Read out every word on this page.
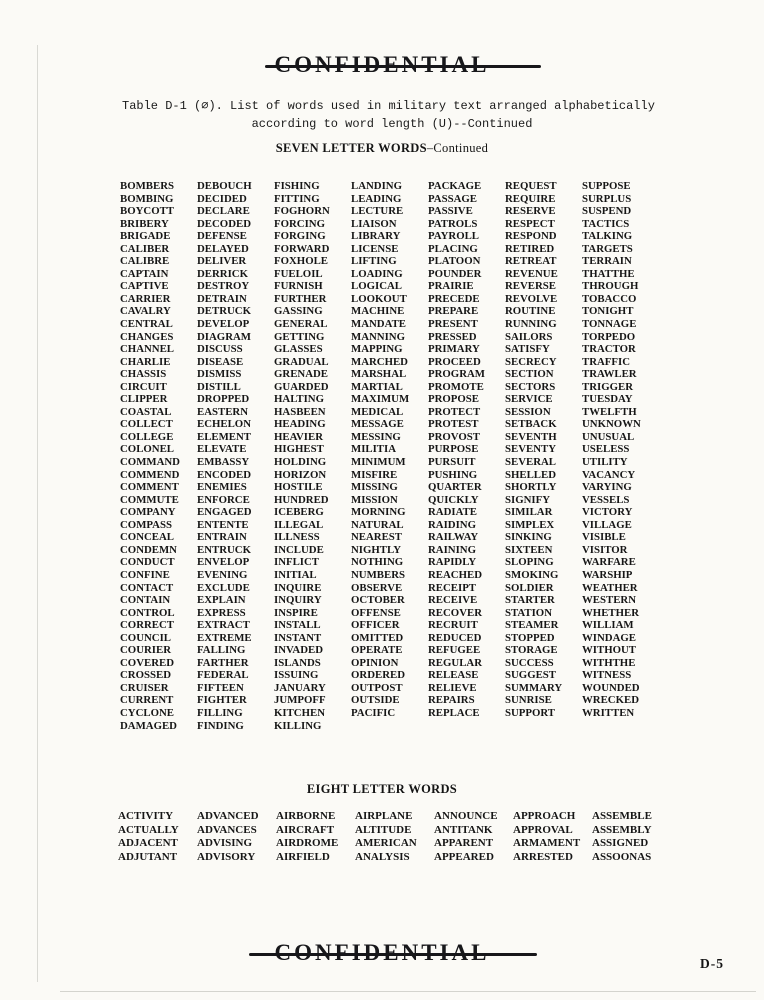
Table D-1 (∅). List of words used in military text arranged alphabetically
according to word length (U)--Continued
SEVEN LETTER WORDS–Continued
BOMBERS
BOMBING
BOYCOTT
BRIBERY
BRIGADE
CALIBER
CALIBRE
CAPTAIN
CAPTIVE
CARRIER
CAVALRY
CENTRAL
CHANGES
CHANNEL
CHARLIE
CHASSIS
CIRCUIT
CLIPPER
COASTAL
COLLECT
COLLEGE
COLONEL
COMMAND
COMMEND
COMMENT
COMMUTE
COMPANY
COMPASS
CONCEAL
CONDEMN
CONDUCT
CONFINE
CONTACT
CONTAIN
CONTROL
CORRECT
COUNCIL
COURIER
COVERED
CROSSED
CRUISER
CURRENT
CYCLONE
DAMAGED
DEBOUCH
DECIDED
DECLARE
DECODED
DEFENSE
DELAYED
DELIVER
DERRICK
DESTROY
DETRAIN
DETRUCK
DEVELOP
DIAGRAM
DISCUSS
DISEASE
DISMISS
DISTILL
DROPPED
EASTERN
ECHELON
ELEMENT
ELEVATE
EMBASSY
ENCODED
ENEMIES
ENFORCE
ENGAGED
ENTENTE
ENTRAIN
ENTRUCK
ENVELOP
EVENING
EXCLUDE
EXPLAIN
EXPRESS
EXTRACT
EXTREME
FALLING
FARTHER
FEDERAL
FIFTEEN
FIGHTER
FILLING
FINDING
FISHING
FITTING
FOGHORN
FORCING
FORGING
FORWARD
FOXHOLE
FUELOIL
FURNISH
FURTHER
GASSING
GENERAL
GETTING
GLASSES
GRADUAL
GRENADE
GUARDED
HALTING
HASBEEN
HEADING
HEAVIER
HIGHEST
HOLDING
HORIZON
HOSTILE
HUNDRED
ICEBERG
ILLEGAL
ILLNESS
INCLUDE
INFLICT
INITIAL
INQUIRE
INQUIRY
INSPIRE
INSTALL
INSTANT
INVADED
ISLANDS
ISSUING
JANUARY
JUMPOFF
KITCHEN
KILLING
LANDING
LEADING
LECTURE
LIAISON
LIBRARY
LICENSE
LIFTING
LOADING
LOGICAL
LOOKOUT
MACHINE
MANDATE
MANNING
MAPPING
MARCHED
MARSHAL
MARTIAL
MAXIMUM
MEDICAL
MESSAGE
MESSING
MILITIA
MINIMUM
MISFIRE
MISSING
MISSION
MORNING
NATURAL
NEAREST
NIGHTLY
NOTHING
NUMBERS
OBSERVE
OCTOBER
OFFENSE
OFFICER
OMITTED
OPERATE
OPINION
ORDERED
OUTPOST
OUTSIDE
PACIFIC
PACKAGE
PASSAGE
PASSIVE
PATROLS
PAYROLL
PLACING
PLATOON
POUNDER
PRAIRIE
PRECEDE
PREPARE
PRESENT
PRESSED
PRIMARY
PROCEED
PROGRAM
PROMOTE
PROPOSE
PROTECT
PROTEST
PROVOST
PURPOSE
PURSUIT
PUSHING
QUARTER
QUICKLY
RADIATE
RAIDING
RAILWAY
RAINING
RAPIDLY
REACHED
RECEIPT
RECEIVE
RECOVER
RECRUIT
REDUCED
REFUGEE
REGULAR
RELEASE
RELIEVE
REPAIRS
REPLACE
REQUEST
REQUIRE
RESERVE
RESPECT
RESPOND
RETIRED
RETREAT
REVENUE
REVERSE
REVOLVE
ROUTINE
RUNNING
SAILORS
SATISFY
SECRECY
SECTION
SECTORS
SERVICE
SESSION
SETBACK
SEVENTH
SEVENTY
SEVERAL
SHELLED
SHORTLY
SIGNIFY
SIMILAR
SIMPLEX
SINKING
SIXTEEN
SLOPING
SMOKING
SOLDIER
STARTER
STATION
STEAMER
STOPPED
STORAGE
SUCCESS
SUGGEST
SUMMARY
SUNRISE
SUPPORT
SUPPOSE
SURPLUS
SUSPEND
TACTICS
TALKING
TARGETS
TERRAIN
THATTHE
THROUGH
TOBACCO
TONIGHT
TONNAGE
TORPEDO
TRACTOR
TRAFFIC
TRAWLER
TRIGGER
TUESDAY
TWELFTH
UNKNOWN
UNUSUAL
USELESS
UTILITY
VACANCY
VARYING
VESSELS
VICTORY
VILLAGE
VISIBLE
VISITOR
WARFARE
WARSHIP
WEATHER
WESTERN
WHETHER
WILLIAM
WINDAGE
WITHOUT
WITHTHE
WITNESS
WOUNDED
WRECKED
WRITTEN
EIGHT LETTER WORDS
ACTIVITY
ACTUALLY
ADJACENT
ADJUTANT
ADVANCED
ADVANCES
ADVISING
ADVISORY
AIRBORNE
AIRCRAFT
AIRDROME
AIRFIELD
AIRPLANE
ALTITUDE
AMERICAN
ANALYSIS
ANNOUNCE
ANTITANK
APPARENT
APPEARED
APPROACH
APPROVAL
ARMAMENT
ARRESTED
ASSEMBLE
ASSEMBLY
ASSIGNED
ASSOONAS
D-5
